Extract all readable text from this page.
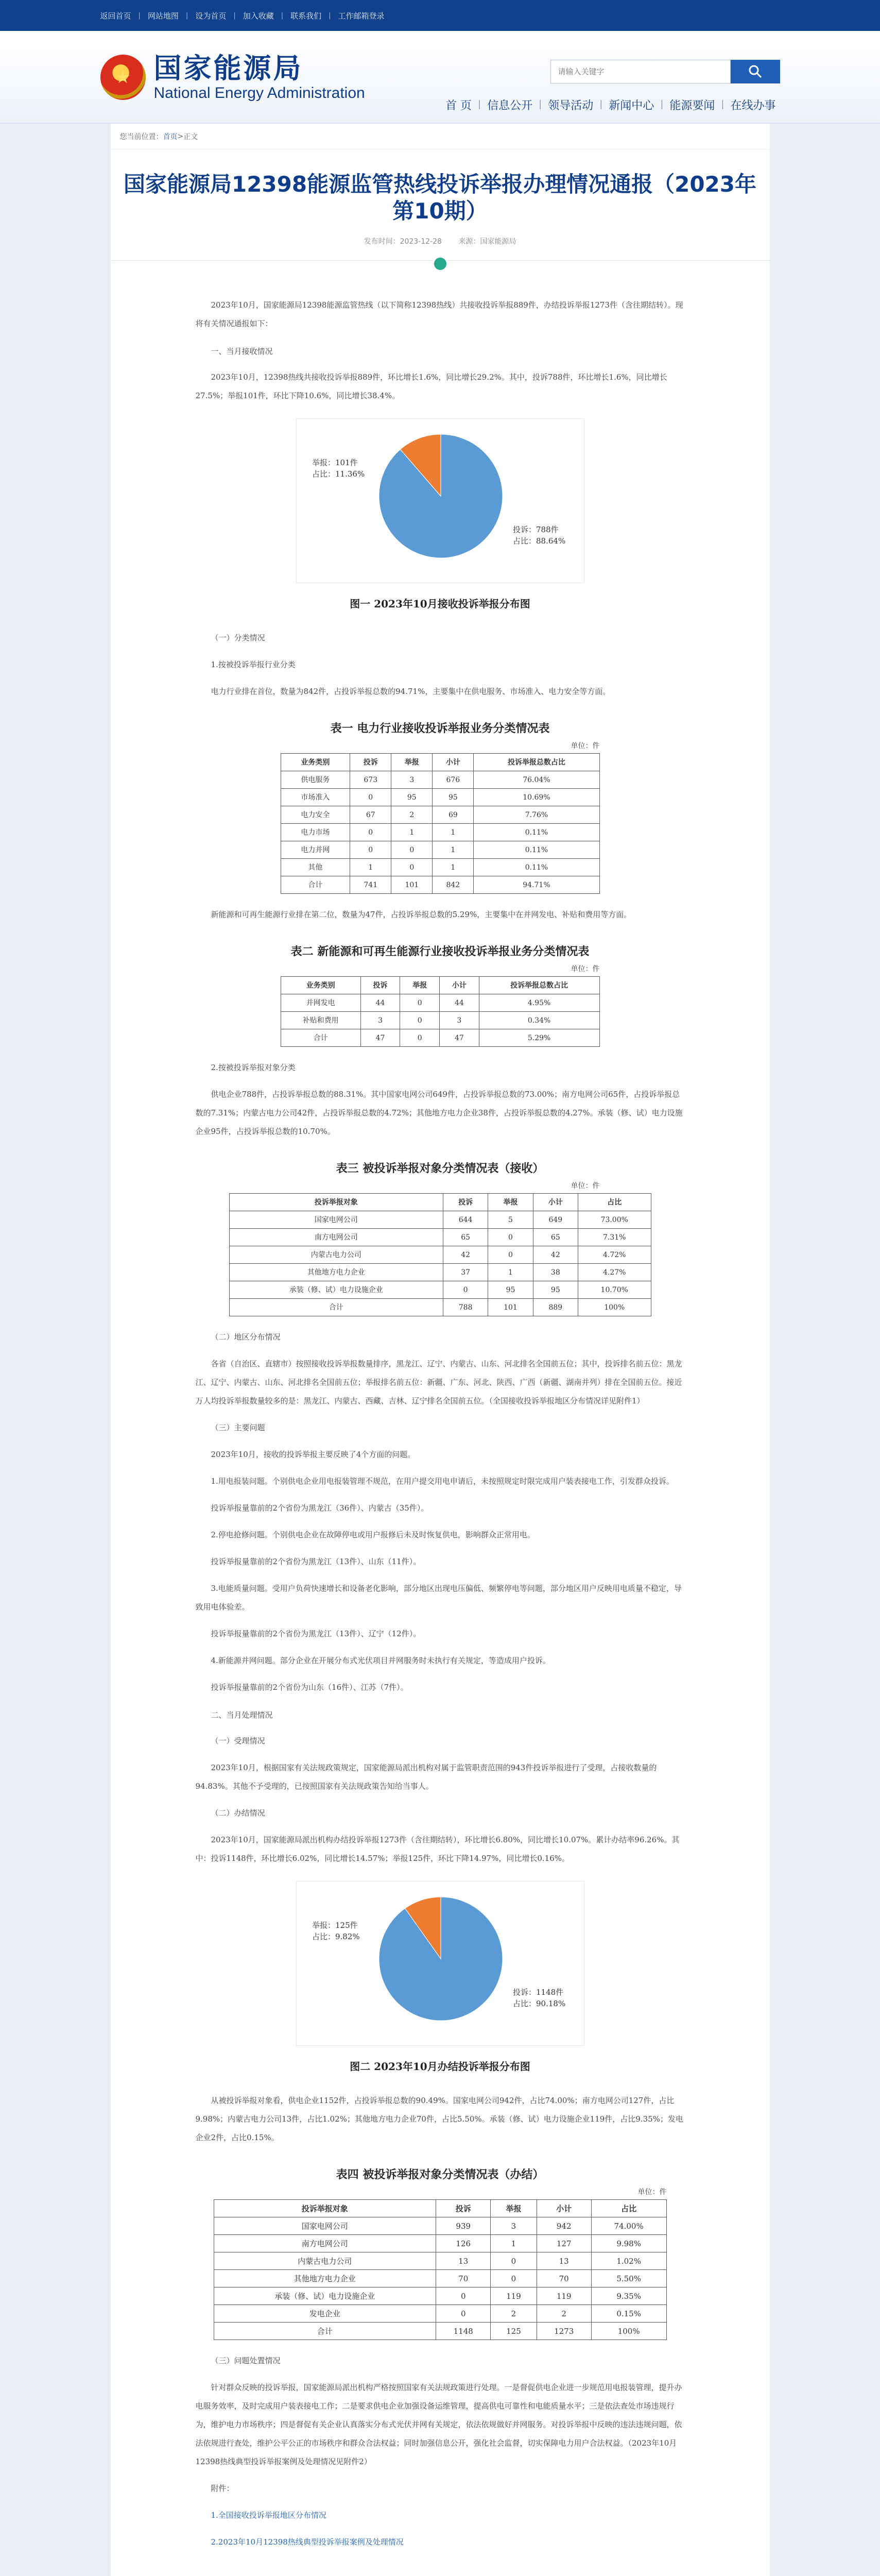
返回首页 | 网站地图 | 设为首页 | 加入收藏 | 联系我们 | 工作邮箱登录
★ 国家能源局
National Energy Administration
请输入关键字
首 页 | 信息公开 | 领导活动 | 新闻中心 | 能源要闻 | 在线办事
您当前位置： 首页 > 正文
国家能源局12398能源监管热线投诉举报办理情况通报（2023年第10期）
发布时间：2023-12-28 来源：国家能源局

2023年10月，国家能源局12398能源监管热线（以下简称12398热线）共接收投诉举报889件，办结投诉举报1273件（含往期结转）。现将有关情况通报如下：

一、当月接收情况

2023年10月，12398热线共接收投诉举报889件，环比增长1.6%，同比增长29.2%。其中，投诉788件，环比增长1.6%，同比增长27.5%；举报101件，环比下降10.6%，同比增长38.4%。

投诉：788件
占比：88.64%
举报：101件
占比：11.36%
图一 2023年10月接收投诉举报分布图

（一）分类情况

1.按被投诉举报行业分类

电力行业排在首位，数量为842件，占投诉举报总数的94.71%，主要集中在供电服务、市场准入、电力安全等方面。

表一 电力行业接收投诉举报业务分类情况表
单位：件
业务类别	投诉	举报	小计	投诉举报总数占比
供电服务	673	3	676	76.04%
市场准入	0	95	95	10.69%
电力安全	67	2	69	7.76%
电力市场	0	1	1	0.11%
电力并网	0	0	1	0.11%
其他	1	0	1	0.11%
合计	741	101	842	94.71%

新能源和可再生能源行业排在第二位，数量为47件，占投诉举报总数的5.29%，主要集中在并网发电、补贴和费用等方面。

表二 新能源和可再生能源行业接收投诉举报业务分类情况表
单位：件
业务类别	投诉	举报	小计	投诉举报总数占比
并网发电	44	0	44	4.95%
补贴和费用	3	0	3	0.34%
合计	47	0	47	5.29%

2.按被投诉举报对象分类

供电企业788件，占投诉举报总数的88.31%。其中国家电网公司649件，占投诉举报总数的73.00%；南方电网公司65件，占投诉举报总数的7.31%；内蒙古电力公司42件，占投诉举报总数的4.72%；其他地方电力企业38件，占投诉举报总数的4.27%。承装（修、试）电力设施企业95件，占投诉举报总数的10.70%。

表三 被投诉举报对象分类情况表（接收）
单位：件
投诉举报对象	投诉	举报	小计	占比
国家电网公司	644	5	649	73.00%
南方电网公司	65	0	65	7.31%
内蒙古电力公司	42	0	42	4.72%
其他地方电力企业	37	1	38	4.27%
承装（修、试）电力设施企业	0	95	95	10.70%
合计	788	101	889	100%

（二）地区分布情况

各省（自治区、直辖市）按照接收投诉举报数量排序，黑龙江、辽宁、内蒙古、山东、河北排名全国前五位；其中，投诉排名前五位：黑龙江、辽宁、内蒙古、山东、河北排名全国前五位；举报排名前五位：新疆、广东、河北、陕西、广西（新疆、湖南并列）排在全国前五位。接近万人均投诉举报数量较多的是：黑龙江、内蒙古、西藏、吉林、辽宁排名全国前五位。（全国接收投诉举报地区分布情况详见附件1）

（三）主要问题

2023年10月，接收的投诉举报主要反映了4个方面的问题。

1.用电报装问题。个别供电企业用电报装管理不规范，在用户提交用电申请后，未按照规定时限完成用户装表接电工作，引发群众投诉。

投诉举报量靠前的2个省份为黑龙江（36件）、内蒙古（35件）。

2.停电抢修问题。个别供电企业在故障停电或用户报修后未及时恢复供电，影响群众正常用电。

投诉举报量靠前的2个省份为黑龙江（13件）、山东（11件）。

3.电能质量问题。受用户负荷快速增长和设备老化影响，部分地区出现电压偏低、频繁停电等问题，部分地区用户反映用电质量不稳定，导致用电体验差。

投诉举报量靠前的2个省份为黑龙江（13件）、辽宁（12件）。

4.新能源并网问题。部分企业在开展分布式光伏项目并网服务时未执行有关规定，等造成用户投诉。

投诉举报量靠前的2个省份为山东（16件）、江苏（7件）。

二、当月处理情况

（一）受理情况

2023年10月，根据国家有关法规政策规定，国家能源局派出机构对属于监管职责范围的943件投诉举报进行了受理，占接收数量的94.83%。其他不予受理的，已按照国家有关法规政策告知给当事人。

（二）办结情况

2023年10月，国家能源局派出机构办结投诉举报1273件（含往期结转），环比增长6.80%，同比增长10.07%。累计办结率96.26%。其中：投诉1148件，环比增长6.02%，同比增长14.57%；举报125件，环比下降14.97%，同比增长0.16%。

投诉：1148件
占比：90.18%
举报：125件
占比：9.82%
图二 2023年10月办结投诉举报分布图

从被投诉举报对象看，供电企业1152件，占投诉举报总数的90.49%。国家电网公司942件，占比74.00%；南方电网公司127件，占比9.98%；内蒙古电力公司13件，占比1.02%；其他地方电力企业70件，占比5.50%。承装（修、试）电力设施企业119件，占比9.35%；发电企业2件，占比0.15%。

表四 被投诉举报对象分类情况表（办结）
单位：件
投诉举报对象	投诉	举报	小计	占比
国家电网公司	939	3	942	74.00%
南方电网公司	126	1	127	9.98%
内蒙古电力公司	13	0	13	1.02%
其他地方电力企业	70	0	70	5.50%
承装（修、试）电力设施企业	0	119	119	9.35%
发电企业	0	2	2	0.15%
合计	1148	125	1273	100%

（三）问题处置情况

针对群众反映的投诉举报，国家能源局派出机构严格按照国家有关法规政策进行处理。一是督促供电企业进一步规范用电报装管理，提升办电服务效率，及时完成用户装表接电工作；二是要求供电企业加强设备运维管理，提高供电可靠性和电能质量水平；三是依法查处市场违规行为，维护电力市场秩序；四是督促有关企业认真落实分布式光伏并网有关规定，依法依规做好并网服务。对投诉举报中反映的违法违规问题，依法依规进行查处，维护公平公正的市场秩序和群众合法权益；同时加强信息公开，强化社会监督，切实保障电力用户合法权益。（2023年10月12398热线典型投诉举报案例及处理情况见附件2）

附件：

1.全国接收投诉举报地区分布情况

2.2023年10月12398热线典型投诉举报案例及处理情况
